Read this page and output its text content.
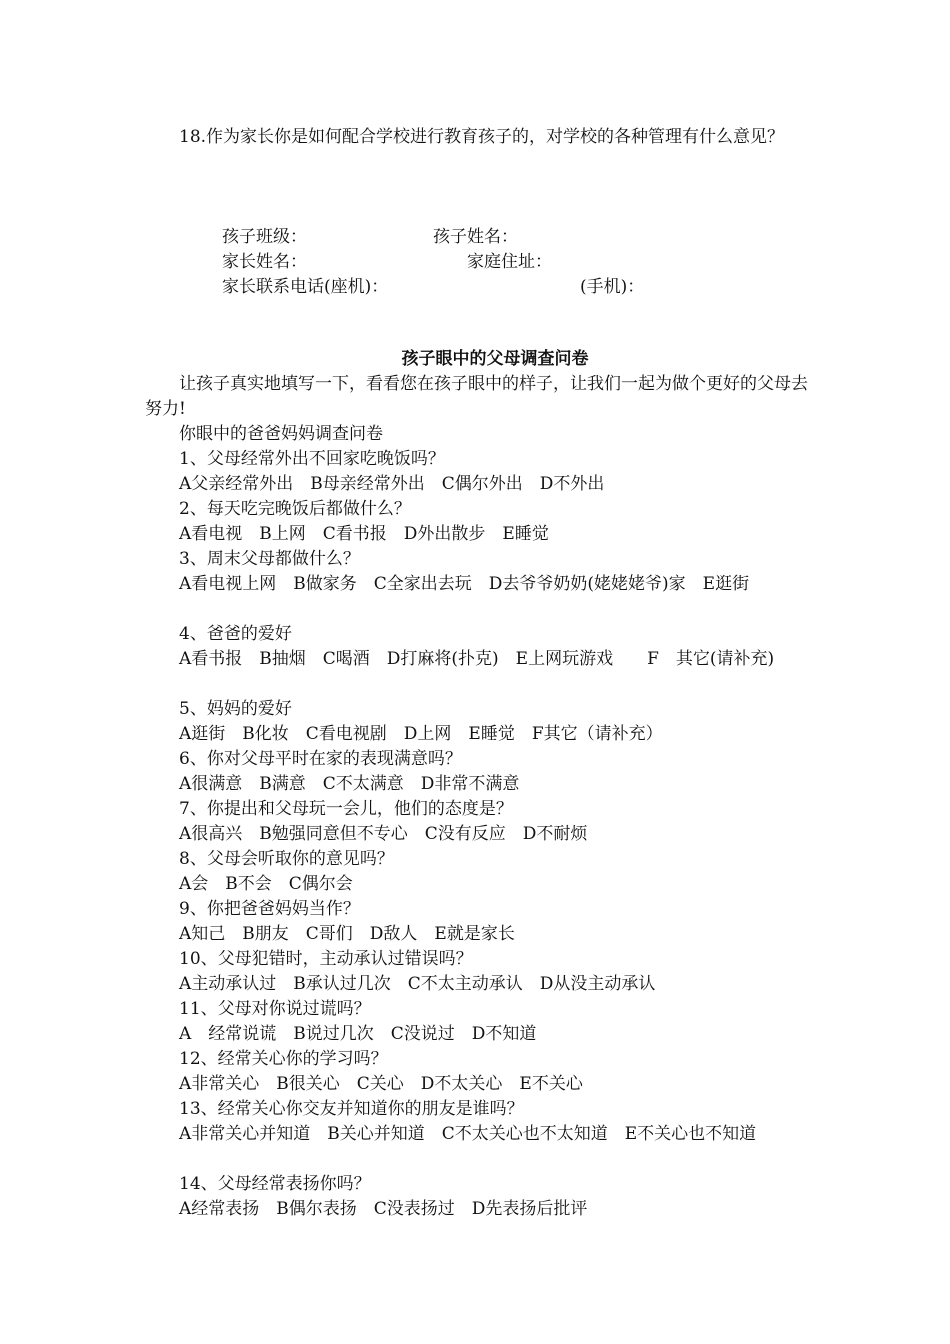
18.作为家长你是如何配合学校进行教育孩子的，对学校的各种管理有什么意见？

孩子班级：	孩子姓名：
家长姓名：	家庭住址：
家长联系电话(座机)：	(手机)：
孩子眼中的父母调查问卷

让孩子真实地填写一下，看看您在孩子眼中的样子，让我们一起为做个更好的父母去努力!

你眼中的爸爸妈妈调查问卷

1、父母经常外出不回家吃晚饭吗？

A父亲经常外出　B母亲经常外出　C偶尔外出　D不外出

2、每天吃完晚饭后都做什么？

A看电视　B上网　C看书报　D外出散步　E睡觉

3、周末父母都做什么？

A看电视上网　B做家务　C全家出去玩　D去爷爷奶奶(姥姥姥爷)家　E逛街

4、爸爸的爱好

A看书报　B抽烟　C喝酒　D打麻将(扑克)　E上网玩游戏　　F　其它(请补充)

5、妈妈的爱好

A逛街　B化妆　C看电视剧　D上网　E睡觉　F其它（请补充）

6、你对父母平时在家的表现满意吗？

A很满意　B满意　C不太满意　D非常不满意

7、你提出和父母玩一会儿，他们的态度是？

A很高兴　B勉强同意但不专心　C没有反应　D不耐烦

8、父母会听取你的意见吗？

A会　B不会　C偶尔会

9、你把爸爸妈妈当作？

A知己　B朋友　C哥们　D敌人　E就是家长

10、父母犯错时，主动承认过错误吗？

A主动承认过　B承认过几次　C不太主动承认　D从没主动承认

11、父母对你说过谎吗？

A　经常说谎　B说过几次　C没说过　D不知道

12、经常关心你的学习吗？

A非常关心　B很关心　C关心　D不太关心　E不关心

13、经常关心你交友并知道你的朋友是谁吗？

A非常关心并知道　B关心并知道　C不太关心也不太知道　E不关心也不知道

14、父母经常表扬你吗？

A经常表扬　B偶尔表扬　C没表扬过　D先表扬后批评
